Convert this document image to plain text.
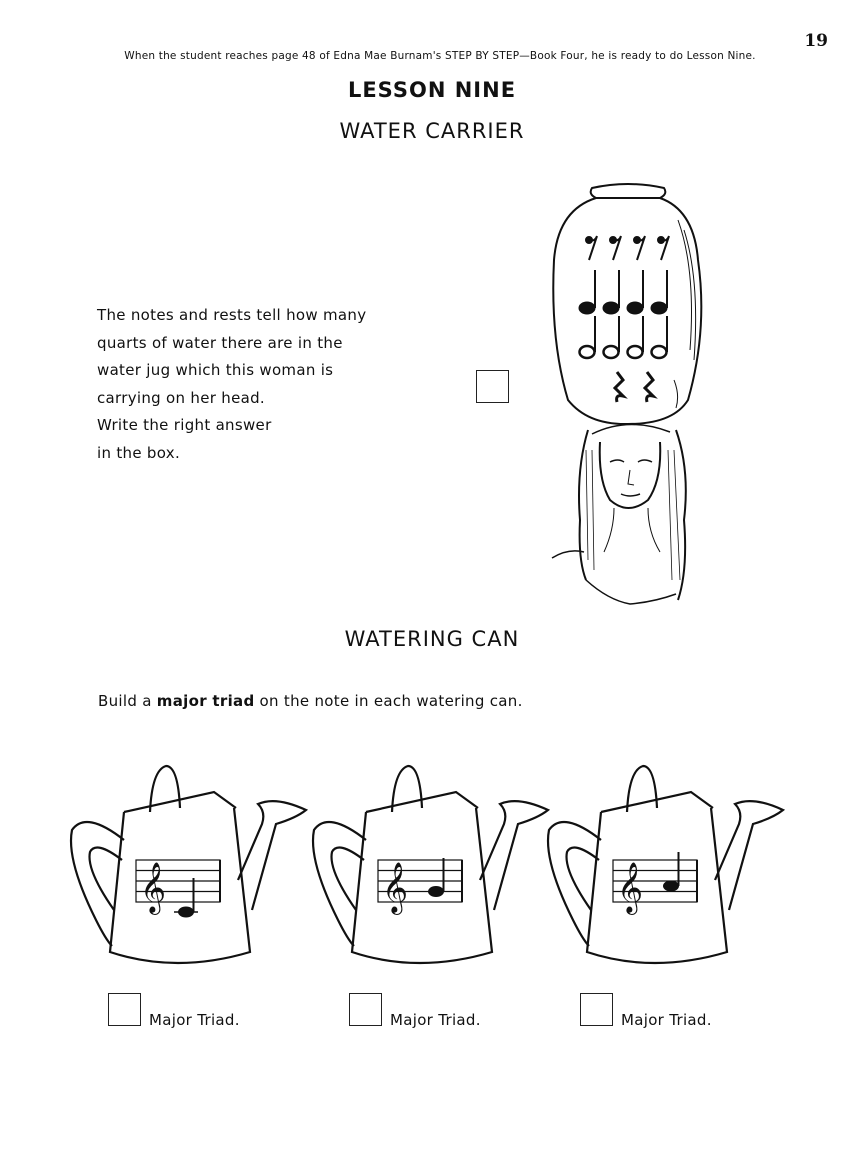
19
When the student reaches page 48 of Edna Mae Burnam's STEP BY STEP—Book Four, he is ready to do Lesson Nine.
LESSON NINE
WATER CARRIER
The notes and rests tell how many
quarts of water there are in the
water jug which this woman is
carrying on her head.
Write the right answer
in the box.
WATERING CAN
Build a major triad on the note in each watering can.
𝄞	𝄞	𝄞
Major Triad.	Major Triad.	Major Triad.
